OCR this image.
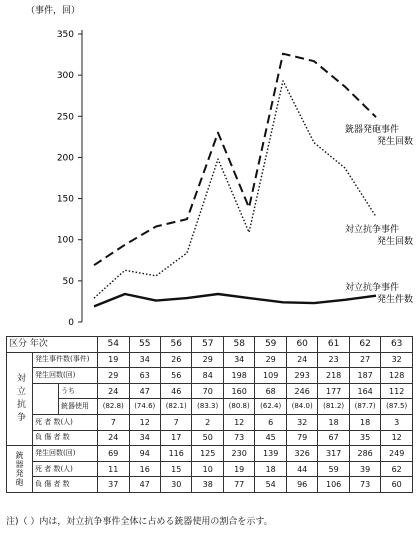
（事件，回）
0
50
100
150
200
250
300
350
銃器発砲事件
発生回数
対立抗争事件
発生回数
対立抗争事件
発生件数
区分 年次			54	55	56	57	58	59	60	61	62	63
対立抗争	発生事件数(事件)		19	34	26	29	34	29	24	23	27	32
	発生回数(回)		29	63	56	84	198	109	293	218	187	128
		うち	24	47	46	70	160	68	246	177	164	112
		銃器使用	(82.8)	(74.6)	(82.1)	(83.3)	(80.8)	(62.4)	(84.0)	(81.2)	(87.7)	(87.5)
	死 者 数(人)		7	12	7	2	12	6	32	18	18	3
	負 傷 者 数		24	34	17	50	73	45	79	67	35	12
銃器発砲	発生回数(回)		69	94	116	125	230	139	326	317	286	249
	死 者 数(人)		11	16	15	10	19	18	44	59	39	62
	負 傷 者 数		37	47	30	38	77	54	96	106	73	60
注)（ ）内は，対立抗争事件全体に占める銃器使用の割合を示す。
